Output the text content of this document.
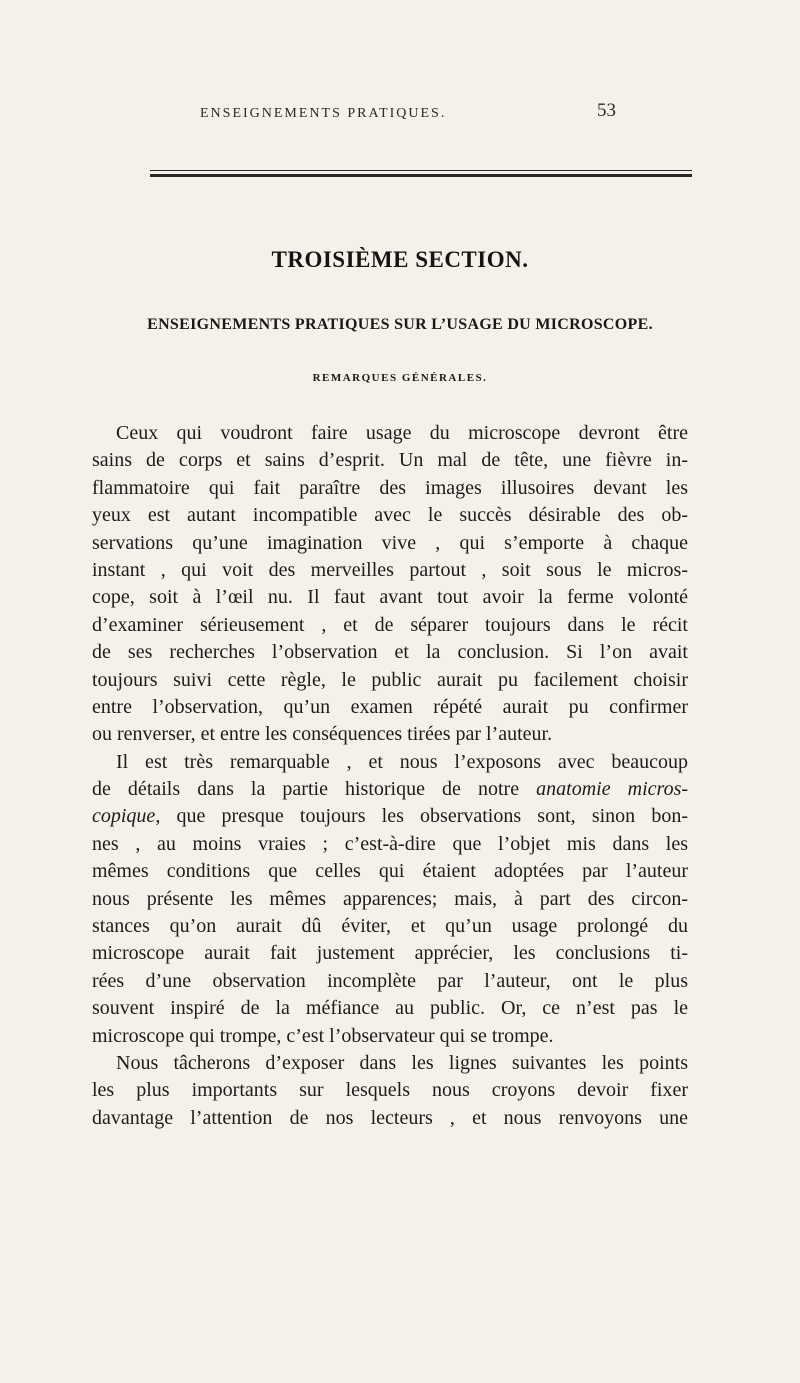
ENSEIGNEMENTS PRATIQUES.	53
TROISIÈME SECTION.
ENSEIGNEMENTS PRATIQUES SUR L’USAGE DU MICROSCOPE.
REMARQUES GÉNÉRALES.
Ceux qui voudront faire usage du microscope devront être
sains de corps et sains d’esprit. Un mal de tête, une fièvre in-
flammatoire qui fait paraître des images illusoires devant les
yeux est autant incompatible avec le succès désirable des ob-
servations qu’une imagination vive , qui s’emporte à chaque
instant , qui voit des merveilles partout , soit sous le micros-
cope, soit à l’œil nu. Il faut avant tout avoir la ferme volonté
d’examiner sérieusement , et de séparer toujours dans le récit
de ses recherches l’observation et la conclusion. Si l’on avait
toujours suivi cette règle, le public aurait pu facilement choisir
entre l’observation, qu’un examen répété aurait pu confirmer
ou renverser, et entre les conséquences tirées par l’auteur.
Il est très remarquable , et nous l’exposons avec beaucoup
de détails dans la partie historique de notre anatomie micros-
copique, que presque toujours les observations sont, sinon bon-
nes , au moins vraies ; c’est-à-dire que l’objet mis dans les
mêmes conditions que celles qui étaient adoptées par l’auteur
nous présente les mêmes apparences; mais, à part des circon-
stances qu’on aurait dû éviter, et qu’un usage prolongé du
microscope aurait fait justement apprécier, les conclusions ti-
rées d’une observation incomplète par l’auteur, ont le plus
souvent inspiré de la méfiance au public. Or, ce n’est pas le
microscope qui trompe, c’est l’observateur qui se trompe.
Nous tâcherons d’exposer dans les lignes suivantes les points
les plus importants sur lesquels nous croyons devoir fixer
davantage l’attention de nos lecteurs , et nous renvoyons une
